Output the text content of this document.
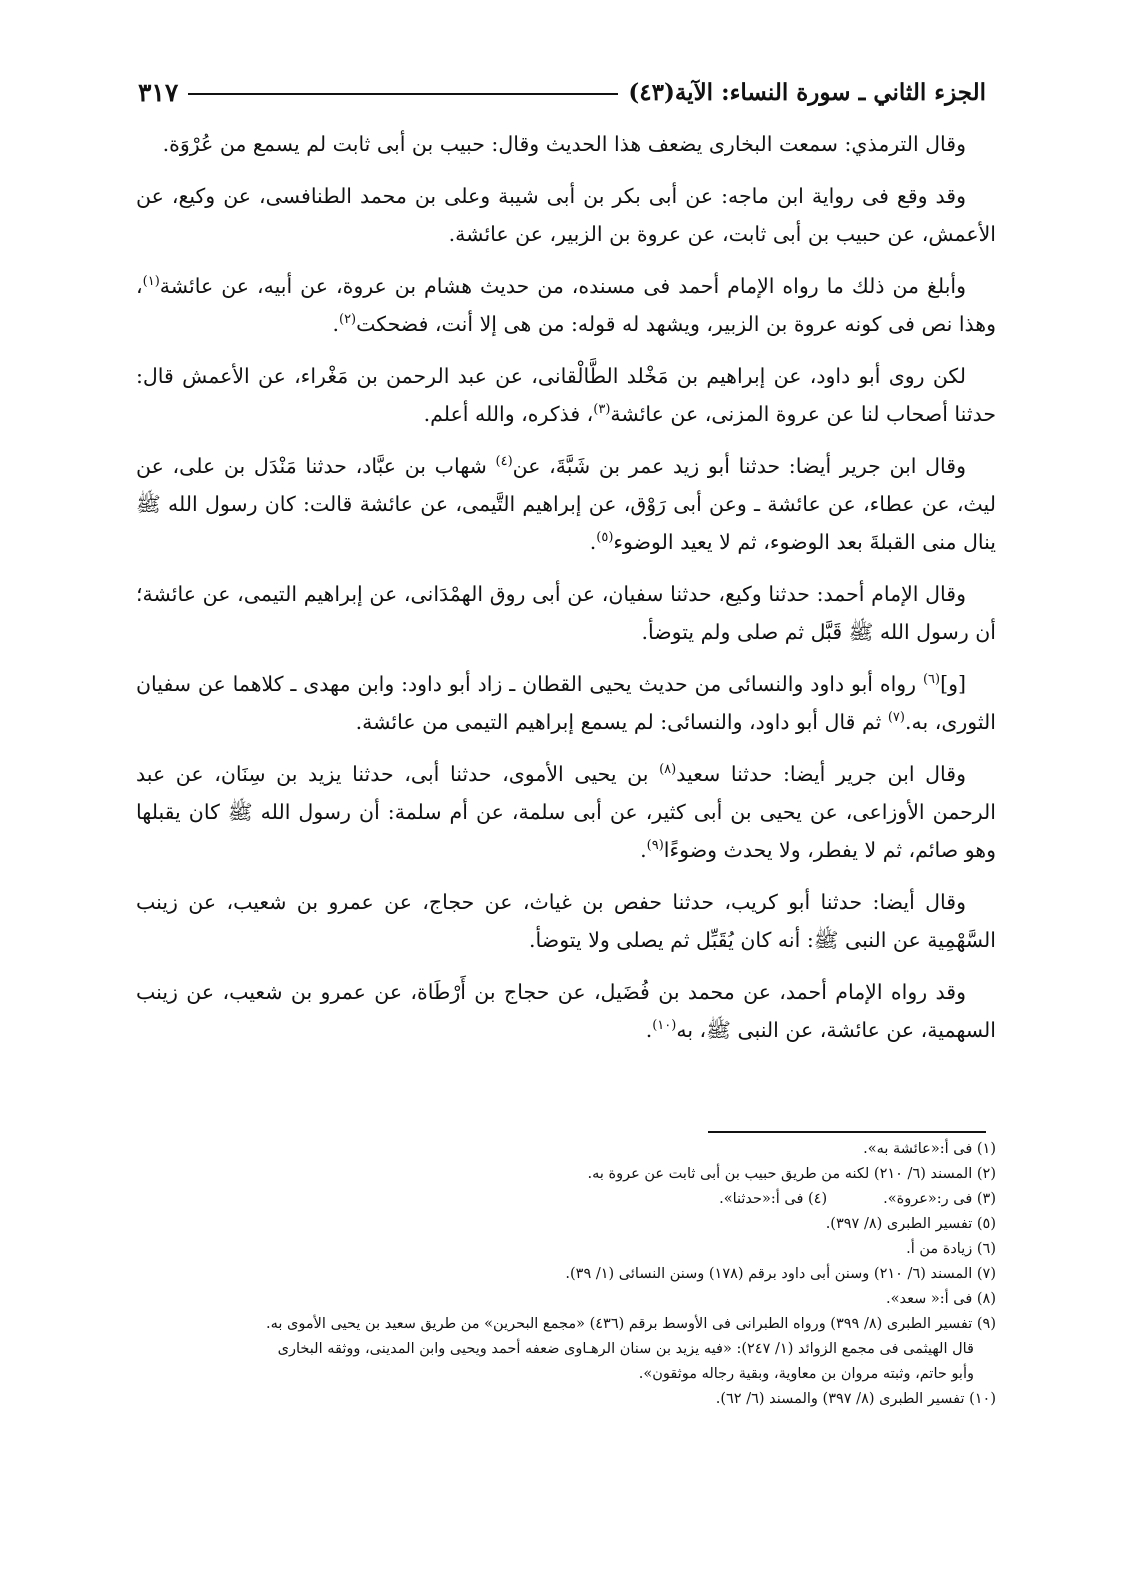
الجزء الثاني ـ سورة النساء: الآية(٤٣)
٣١٧

وقال الترمذي: سمعت البخارى يضعف هذا الحديث وقال: حبيب بن أبى ثابت لم يسمع من عُرْوَة.

وقد وقع فى رواية ابن ماجه: عن أبى بكر بن أبى شيبة وعلى بن محمد الطنافسى، عن وكيع، عن الأعمش، عن حبيب بن أبى ثابت، عن عروة بن الزبير، عن عائشة.

وأبلغ من ذلك ما رواه الإمام أحمد فى مسنده، من حديث هشام بن عروة، عن أبيه، عن عائشة$^{(١)}$، وهذا نص فى كونه عروة بن الزبير، ويشهد له قوله: من هى إلا أنت، فضحكت$^{(٢)}$.

لكن روى أبو داود، عن إبراهيم بن مَخْلد الطَّالْقانى، عن عبد الرحمن بن مَغْراء، عن الأعمش قال: حدثنا أصحاب لنا عن عروة المزنى، عن عائشة$^{(٣)}$، فذكره، والله أعلم.

وقال ابن جرير أيضا: حدثنا أبو زيد عمر بن شَبَّةَ، عن$^{(٤)}$ شهاب بن عبَّاد، حدثنا مَنْدَل بن على، عن ليث، عن عطاء، عن عائشة ـ وعن أبى رَوْق، عن إبراهيم التَّيمى، عن عائشة قالت: كان رسول الله ﷺ ينال منى القبلةَ بعد الوضوء، ثم لا يعيد الوضوء$^{(٥)}$.

وقال الإمام أحمد: حدثنا وكيع، حدثنا سفيان، عن أبى روق الهمْدَانى، عن إبراهيم التيمى، عن عائشة؛ أن رسول الله ﷺ قَبَّل ثم صلى ولم يتوضأ.

[و]$^{(٦)}$ رواه أبو داود والنسائى من حديث يحيى القطان ـ زاد أبو داود: وابن مهدى ـ كلاهما عن سفيان الثورى، به.$^{(٧)}$ ثم قال أبو داود، والنسائى: لم يسمع إبراهيم التيمى من عائشة.

وقال ابن جرير أيضا: حدثنا سعيد$^{(٨)}$ بن يحيى الأموى، حدثنا أبى، حدثنا يزيد بن سِنَان، عن عبد الرحمن الأوزاعى، عن يحيى بن أبى كثير، عن أبى سلمة، عن أم سلمة: أن رسول الله ﷺ كان يقبلها وهو صائم، ثم لا يفطر، ولا يحدث وضوءًا$^{(٩)}$.

وقال أيضا: حدثنا أبو كريب، حدثنا حفص بن غياث، عن حجاج، عن عمرو بن شعيب، عن زينب السَّهْمِية عن النبى ﷺ: أنه كان يُقَبِّل ثم يصلى ولا يتوضأ.

وقد رواه الإمام أحمد، عن محمد بن فُضَيل، عن حجاج بن أَرْطَاة، عن عمرو بن شعيب، عن زينب السهمية، عن عائشة، عن النبى ﷺ، به$^{(١٠)}$.

(١) فى أ:«عائشة به».

(٢) المسند (٦/ ٢١٠) لكنه من طريق حبيب بن أبى ثابت عن عروة به.

(٣) فى ر:«عروة».

(٤) فى أ:«حدثنا».

(٥) تفسير الطبرى (٨/ ٣٩٧).

(٦) زيادة من أ.

(٧) المسند (٦/ ٢١٠) وسنن أبى داود برقم (١٧٨) وسنن النسائى (١/ ٣٩).

(٨) فى أ:« سعد».

(٩) تفسير الطبرى (٨/ ٣٩٩) ورواه الطبرانى فى الأوسط برقم (٤٣٦) «مجمع البحرين» من طريق سعيد بن يحيى الأموى به.

قال الهيثمى فى مجمع الزوائد (١/ ٢٤٧): «فيه يزيد بن سنان الرهـاوى ضعفه أحمد ويحيى وابن المدينى، ووثقه البخارى

وأبو حاتم، وثبته مروان بن معاوية، وبقية رجاله موثقون».

(١٠) تفسير الطبرى (٨/ ٣٩٧) والمسند (٦/ ٦٢).
